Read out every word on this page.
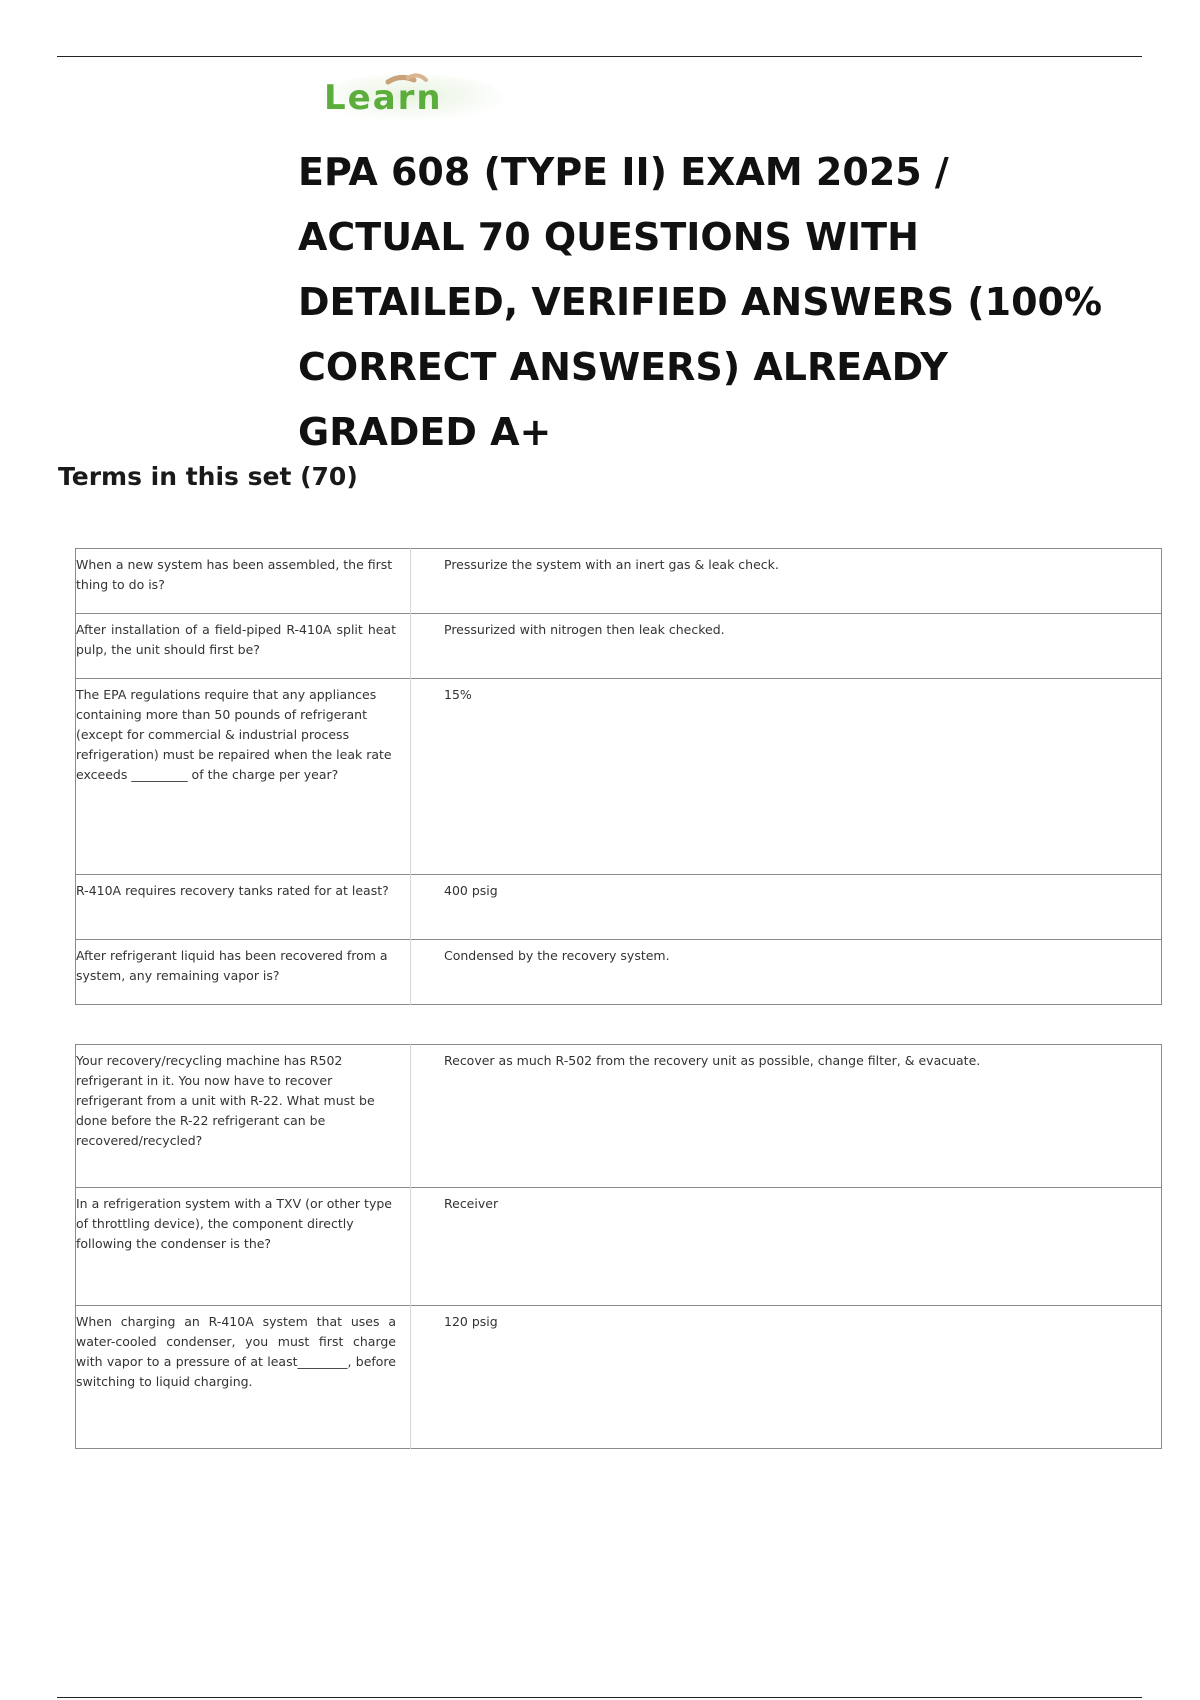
Learn
EPA 608 (TYPE II) EXAM 2025 / ACTUAL 70 QUESTIONS WITH DETAILED, VERIFIED ANSWERS (100% CORRECT ANSWERS) ALREADY GRADED A+
Terms in this set (70)
When a new system has been assembled, the first thing to do is?	Pressurize the system with an inert gas & leak check.
After installation of a field-piped R-410A split heat pulp, the unit should first be?	Pressurized with nitrogen then leak checked.
The EPA regulations require that any appliances containing more than 50 pounds of refrigerant (except for commercial & industrial process refrigeration) must be repaired when the leak rate exceeds _________ of the charge per year?	15%
R-410A requires recovery tanks rated for at least?	400 psig
After refrigerant liquid has been recovered from a system, any remaining vapor is?	Condensed by the recovery system.
Your recovery/recycling machine has R502 refrigerant in it. You now have to recover refrigerant from a unit with R-22. What must be done before the R-22 refrigerant can be recovered/recycled?	Recover as much R-502 from the recovery unit as possible, change filter, & evacuate.
In a refrigeration system with a TXV (or other type of throttling device), the component directly following the condenser is the?	Receiver
When charging an R-410A system that uses a water-cooled condenser, you must first charge with vapor to a pressure of at least________, before switching to liquid charging.	120 psig
